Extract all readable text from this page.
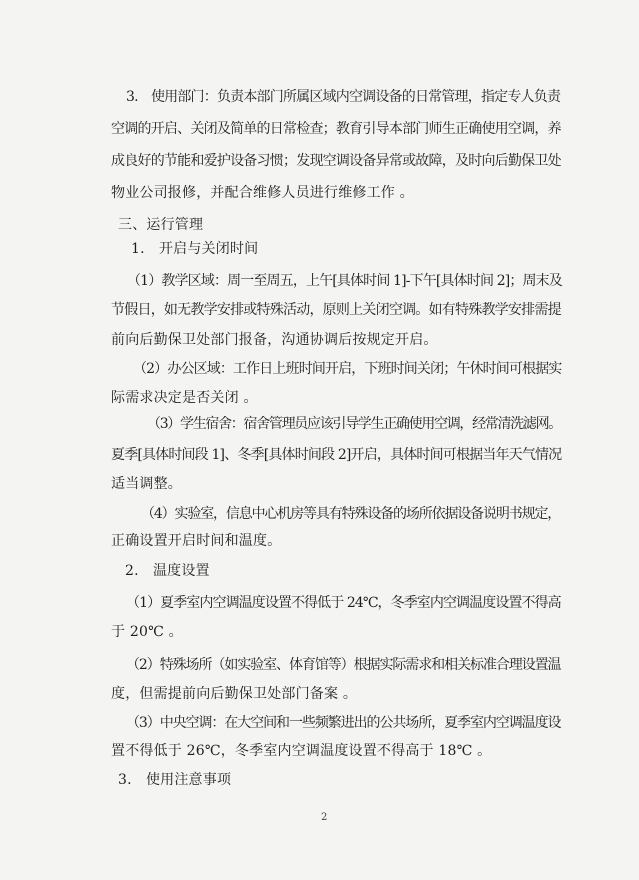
3.　使用部门：负责本部门所属区域内空调设备的日常管理，指定专人负责
空调的开启、关闭及简单的日常检查；教育引导本部门师生正确使用空调，养
成良好的节能和爱护设备习惯；发现空调设备异常或故障，及时向后勤保卫处
物业公司报修，并配合维修人员进行维修工作 。
三、运行管理
1.　开启与关闭时间
（1）教学区域：周一至周五，上午[具体时间 1]-下午[具体时间 2]；周末及
节假日，如无教学安排或特殊活动，原则上关闭空调。如有特殊教学安排需提
前向后勤保卫处部门报备，沟通协调后按规定开启。
（2）办公区域：工作日上班时间开启，下班时间关闭；午休时间可根据实
际需求决定是否关闭 。
（3）学生宿舍：宿舍管理员应该引导学生正确使用空调，经常清洗滤网。
夏季[具体时间段 1]、冬季[具体时间段 2]开启，具体时间可根据当年天气情况
适当调整。
（4）实验室，信息中心机房等具有特殊设备的场所依据设备说明书规定，
正确设置开启时间和温度。
2.　温度设置
（1）夏季室内空调温度设置不得低于 24℃，冬季室内空调温度设置不得高
于 20℃ 。
（2）特殊场所（如实验室、体育馆等）根据实际需求和相关标准合理设置温
度，但需提前向后勤保卫处部门备案 。
（3）中央空调：在大空间和一些频繁进出的公共场所，夏季室内空调温度设
置不得低于 26℃，冬季室内空调温度设置不得高于 18℃ 。
3.　使用注意事项
2
